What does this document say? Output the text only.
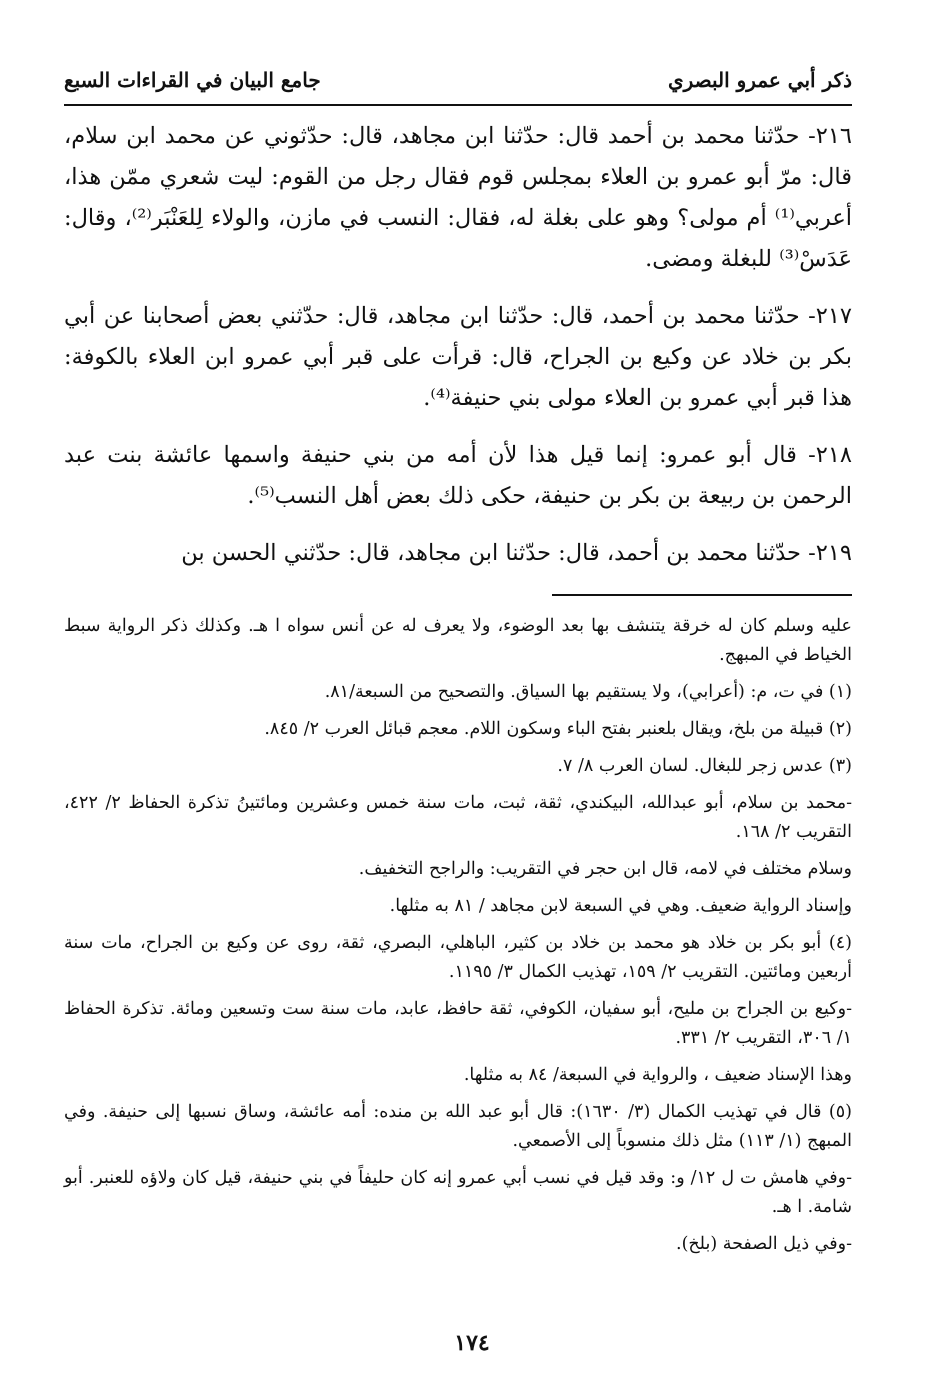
ذكر أبي عمرو البصري
جامع البيان في القراءات السبع

٢١٦- حدّثنا محمد بن أحمد قال: حدّثنا ابن مجاهد، قال: حدّثوني عن محمد ابن سلام، قال: مرّ أبو عمرو بن العلاء بمجلس قوم فقال رجل من القوم: ليت شعري ممّن هذا، أعربي⁽¹⁾ أم مولى؟ وهو على بغلة له، فقال: النسب في مازن، والولاء لِلعَنْبَر⁽²⁾، وقال: عَدَسْ⁽³⁾ للبغلة ومضى.

٢١٧- حدّثنا محمد بن أحمد، قال: حدّثنا ابن مجاهد، قال: حدّثني بعض أصحابنا عن أبي بكر بن خلاد عن وكيع بن الجراح، قال: قرأت على قبر أبي عمرو ابن العلاء بالكوفة: هذا قبر أبي عمرو بن العلاء مولى بني حنيفة⁽⁴⁾.

٢١٨- قال أبو عمرو: إنما قيل هذا لأن أمه من بني حنيفة واسمها عائشة بنت عبد الرحمن بن ربيعة بن بكر بن حنيفة، حكى ذلك بعض أهل النسب⁽⁵⁾.

٢١٩- حدّثنا محمد بن أحمد، قال: حدّثنا ابن مجاهد، قال: حدّثني الحسن بن

عليه وسلم كان له خرقة يتنشف بها بعد الوضوء، ولا يعرف له عن أنس سواه ا هـ. وكذلك ذكر الرواية سبط الخياط في المبهج.

(١) في ت، م: (أعرابي)، ولا يستقيم بها السياق. والتصحيح من السبعة/٨١.

(٢) قبيلة من بلخ، ويقال بلعنبر بفتح الباء وسكون اللام. معجم قبائل العرب ٢/ ٨٤٥.

(٣) عدس زجر للبغال. لسان العرب ٨/ ٧.

-محمد بن سلام، أبو عبدالله، البيكندي، ثقة، ثبت، مات سنة خمس وعشرين ومائتينُ تذكرة الحفاظ ٢/ ٤٢٢، التقريب ٢/ ١٦٨.

وسلام مختلف في لامه، قال ابن حجر في التقريب: والراجح التخفيف.

وإسناد الرواية ضعيف. وهي في السبعة لابن مجاهد / ٨١ به مثلها.

(٤) أبو بكر بن خلاد هو محمد بن خلاد بن كثير، الباهلي، البصري، ثقة، روى عن وكيع بن الجراح، مات سنة أربعين ومائتين. التقريب ٢/ ١٥٩، تهذيب الكمال ٣/ ١١٩٥.

-وكيع بن الجراح بن مليح، أبو سفيان، الكوفي، ثقة حافظ، عابد، مات سنة ست وتسعين ومائة. تذكرة الحفاظ ١/ ٣٠٦، التقريب ٢/ ٣٣١.

وهذا الإسناد ضعيف ، والرواية في السبعة/ ٨٤ به مثلها.

(٥) قال في تهذيب الكمال (٣/ ١٦٣٠): قال أبو عبد الله بن منده: أمه عائشة، وساق نسبها إلى حنيفة. وفي المبهج (١/ ١١٣) مثل ذلك منسوباً إلى الأصمعي.

-وفي هامش ت ل ١٢/ و: وقد قيل في نسب أبي عمرو إنه كان حليفاً في بني حنيفة، قيل كان ولاؤه للعنبر. أبو شامة. ا هـ.

-وفي ذيل الصفحة (بلخ).

١٧٤
